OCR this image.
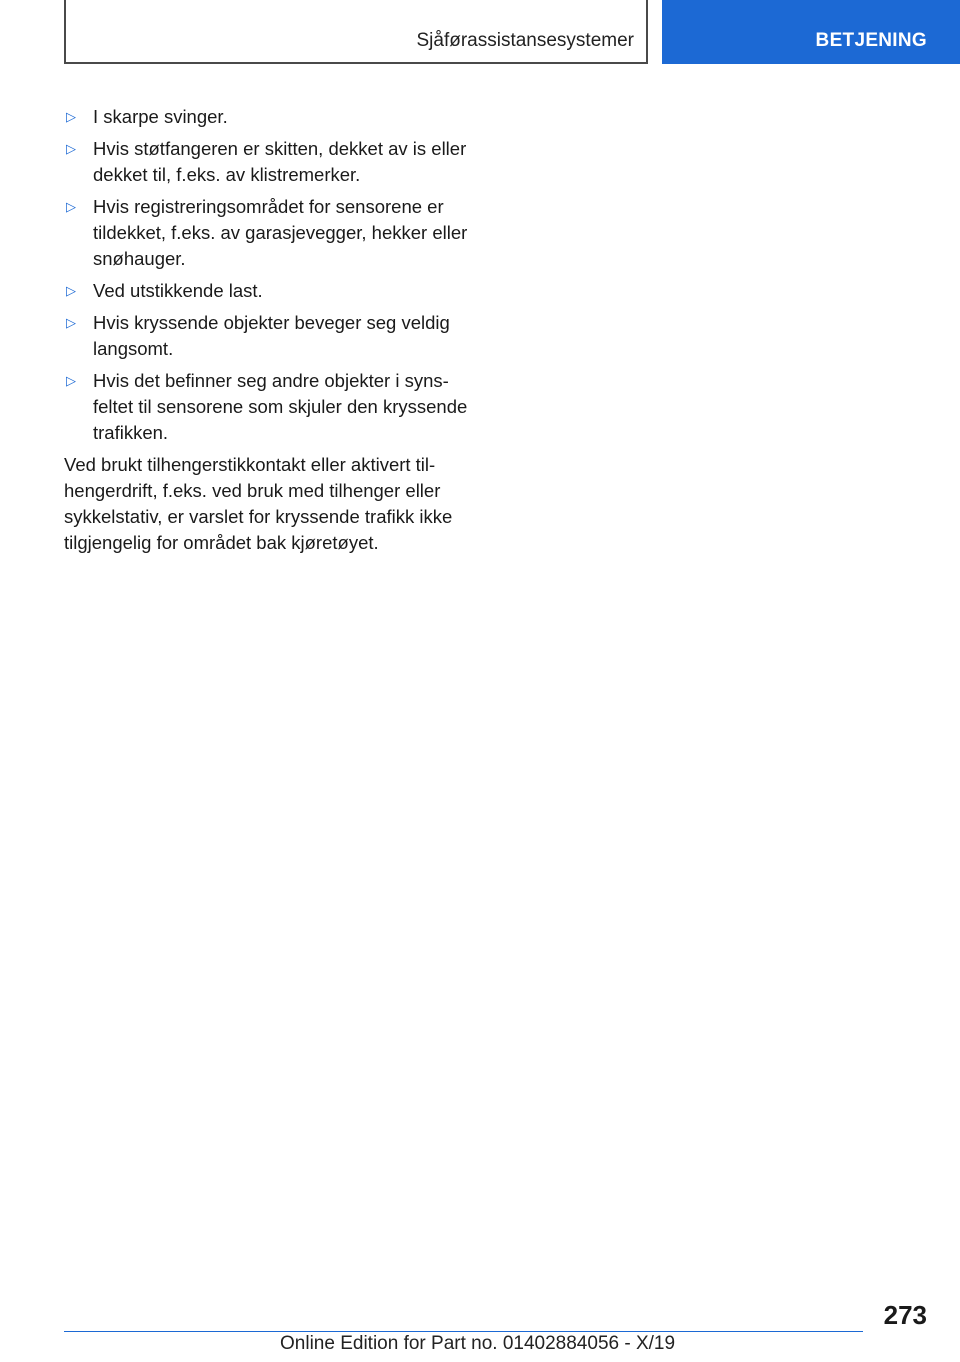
Sjåførassistansesystemer	BETJENING
▷ I skarpe svinger.
▷ Hvis støtfangeren er skitten, dekket av is eller
dekket til, f.eks. av klistremerker.
▷ Hvis registreringsområdet for sensorene er
tildekket, f.eks. av garasjevegger, hekker eller
snøhauger.
▷ Ved utstikkende last.
▷ Hvis kryssende objekter beveger seg veldig
langsomt.
▷ Hvis det befinner seg andre objekter i syns-
feltet til sensorene som skjuler den kryssende
trafikken.

Ved brukt tilhengerstikkontakt eller aktivert til-
hengerdrift, f.eks. ved bruk med tilhenger eller
sykkelstativ, er varslet for kryssende trafikk ikke
tilgjengelig for området bak kjøretøyet.

273
Online Edition for Part no. 01402884056 - X/19
